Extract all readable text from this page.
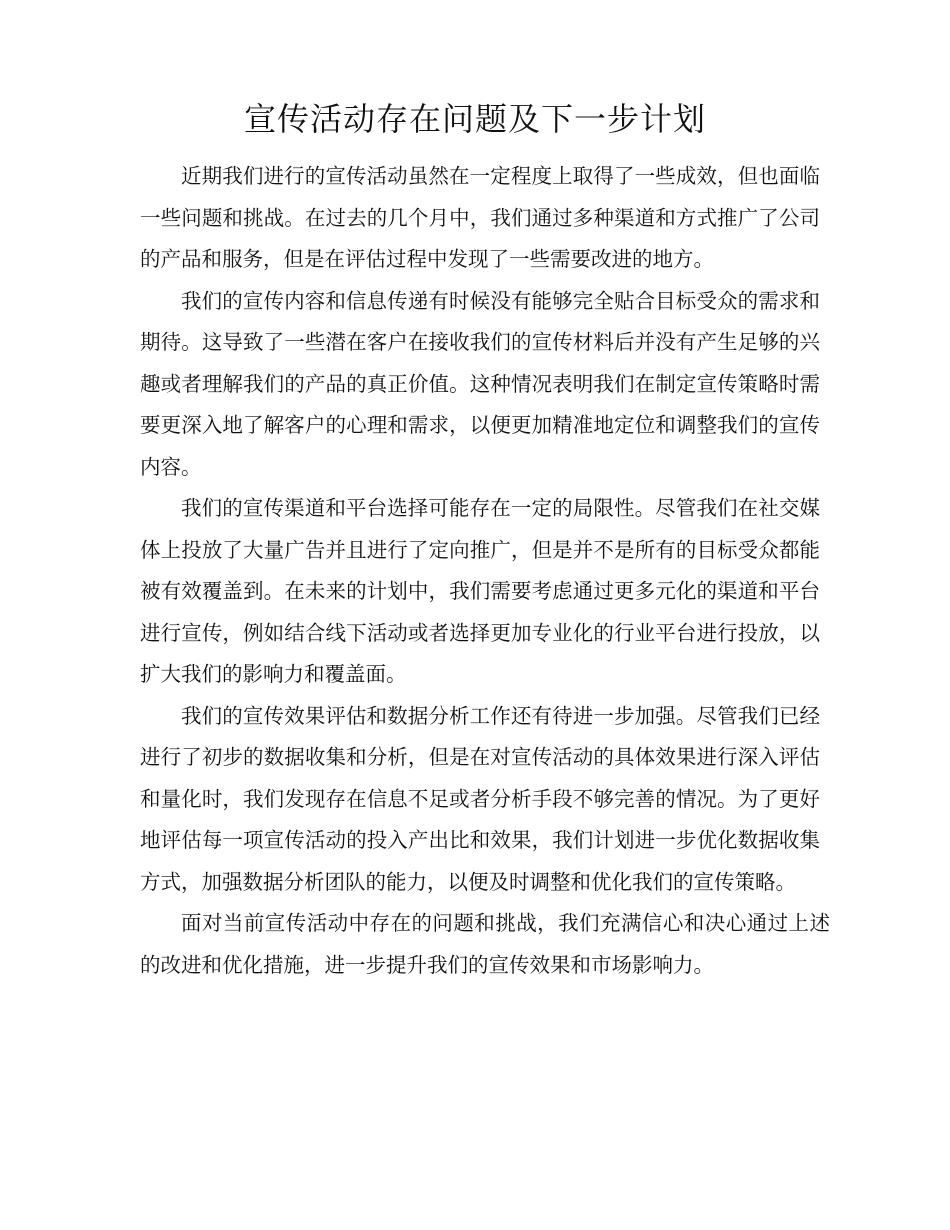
宣传活动存在问题及下一步计划

近期我们进行的宣传活动虽然在一定程度上取得了一些成效，但也面临一些问题和挑战。在过去的几个月中，我们通过多种渠道和方式推广了公司的产品和服务，但是在评估过程中发现了一些需要改进的地方。

我们的宣传内容和信息传递有时候没有能够完全贴合目标受众的需求和期待。这导致了一些潜在客户在接收我们的宣传材料后并没有产生足够的兴趣或者理解我们的产品的真正价值。这种情况表明我们在制定宣传策略时需要更深入地了解客户的心理和需求，以便更加精准地定位和调整我们的宣传内容。

我们的宣传渠道和平台选择可能存在一定的局限性。尽管我们在社交媒体上投放了大量广告并且进行了定向推广，但是并不是所有的目标受众都能被有效覆盖到。在未来的计划中，我们需要考虑通过更多元化的渠道和平台进行宣传，例如结合线下活动或者选择更加专业化的行业平台进行投放，以扩大我们的影响力和覆盖面。

我们的宣传效果评估和数据分析工作还有待进一步加强。尽管我们已经进行了初步的数据收集和分析，但是在对宣传活动的具体效果进行深入评估和量化时，我们发现存在信息不足或者分析手段不够完善的情况。为了更好地评估每一项宣传活动的投入产出比和效果，我们计划进一步优化数据收集方式，加强数据分析团队的能力，以便及时调整和优化我们的宣传策略。

面对当前宣传活动中存在的问题和挑战，我们充满信心和决心通过上述的改进和优化措施，进一步提升我们的宣传效果和市场影响力。
